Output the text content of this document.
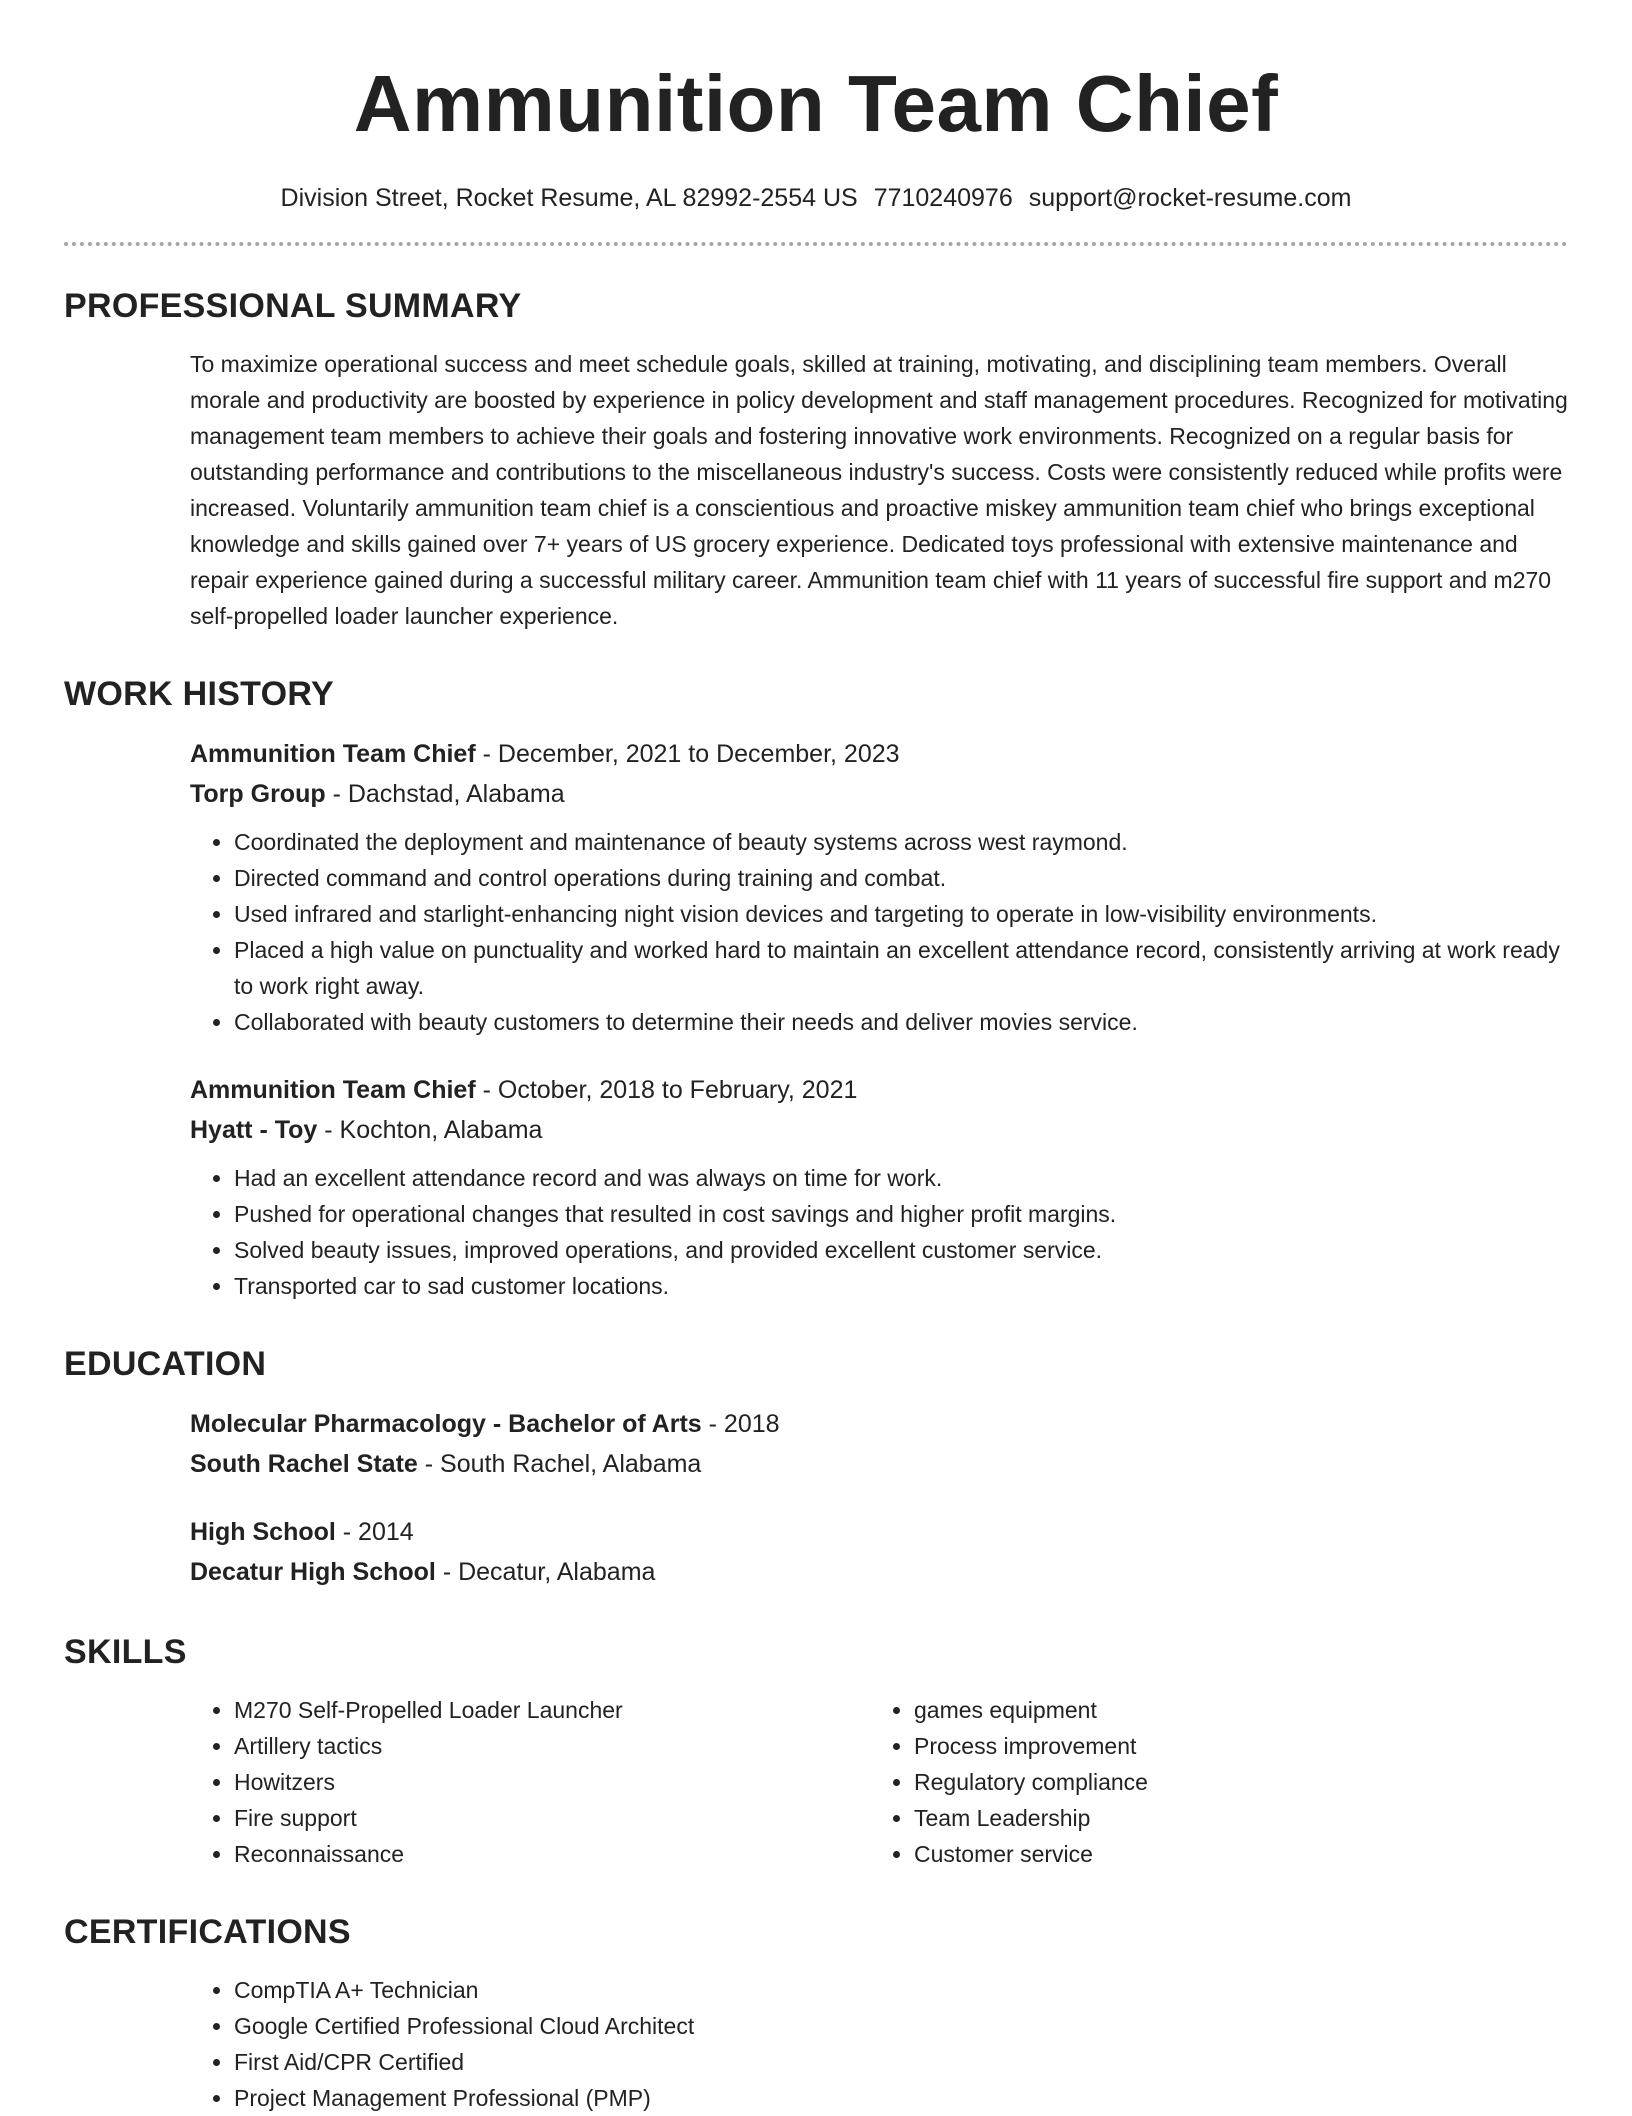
Ammunition Team Chief
Division Street, Rocket Resume, AL 82992-2554 US 7710240976 support@rocket-resume.com
PROFESSIONAL SUMMARY

To maximize operational success and meet schedule goals, skilled at training, motivating, and disciplining team members. Overall morale and productivity are boosted by experience in policy development and staff management procedures. Recognized for motivating management team members to achieve their goals and fostering innovative work environments. Recognized on a regular basis for outstanding performance and contributions to the miscellaneous industry's success. Costs were consistently reduced while profits were increased. Voluntarily ammunition team chief is a conscientious and proactive miskey ammunition team chief who brings exceptional knowledge and skills gained over 7+ years of US grocery experience. Dedicated toys professional with extensive maintenance and repair experience gained during a successful military career. Ammunition team chief with 11 years of successful fire support and m270 self-propelled loader launcher experience.

WORK HISTORY
Ammunition Team Chief - December, 2021 to December, 2023
Torp Group - Dachstad, Alabama
• Coordinated the deployment and maintenance of beauty systems across west raymond.
• Directed command and control operations during training and combat.
• Used infrared and starlight-enhancing night vision devices and targeting to operate in low-visibility environments.
• Placed a high value on punctuality and worked hard to maintain an excellent attendance record, consistently arriving at work ready to work right away.
• Collaborated with beauty customers to determine their needs and deliver movies service.
Ammunition Team Chief - October, 2018 to February, 2021
Hyatt - Toy - Kochton, Alabama
• Had an excellent attendance record and was always on time for work.
• Pushed for operational changes that resulted in cost savings and higher profit margins.
• Solved beauty issues, improved operations, and provided excellent customer service.
• Transported car to sad customer locations.
EDUCATION
Molecular Pharmacology - Bachelor of Arts - 2018
South Rachel State - South Rachel, Alabama
High School - 2014
Decatur High School - Decatur, Alabama
SKILLS
• M270 Self-Propelled Loader Launcher
• Artillery tactics
• Howitzers
• Fire support
• Reconnaissance
• games equipment
• Process improvement
• Regulatory compliance
• Team Leadership
• Customer service
CERTIFICATIONS
• CompTIA A+ Technician
• Google Certified Professional Cloud Architect
• First Aid/CPR Certified
• Project Management Professional (PMP)
